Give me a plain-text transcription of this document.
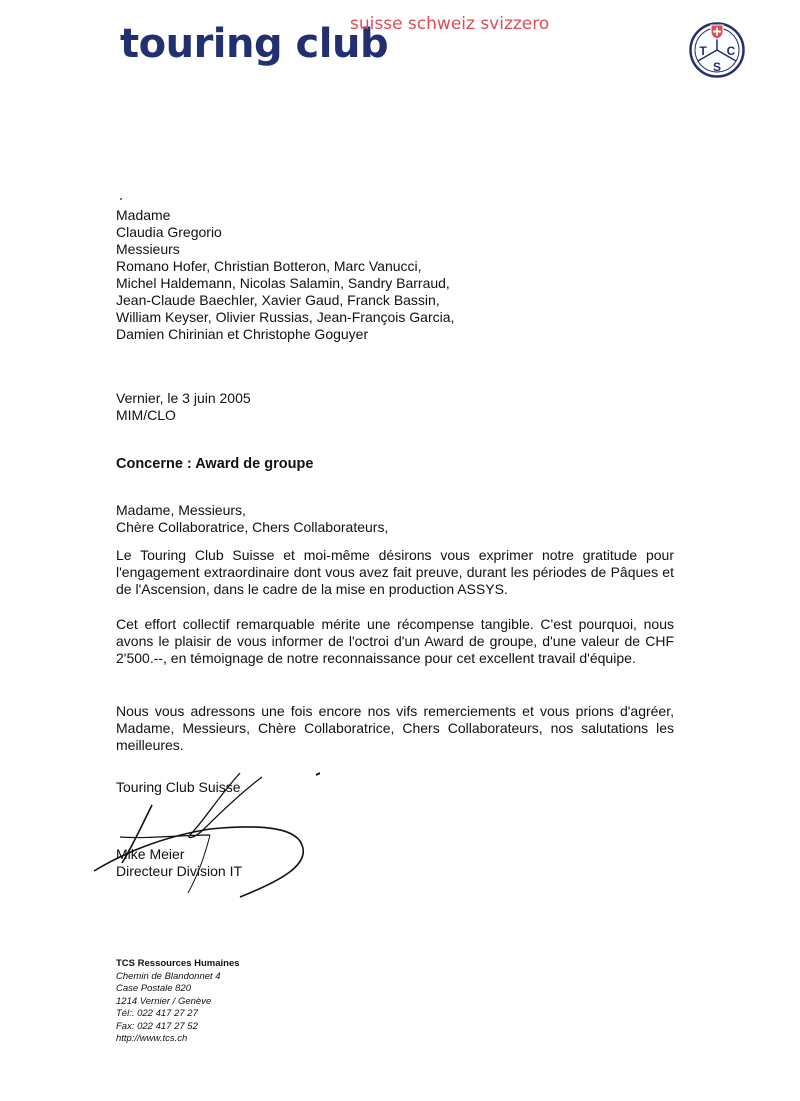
touring club
suisse schweiz svizzero
T C
S
Madame
Claudia Gregorio
Messieurs
Romano Hofer, Christian Botteron, Marc Vanucci,
Michel Haldemann, Nicolas Salamin, Sandry Barraud,
Jean-Claude Baechler, Xavier Gaud, Franck Bassin,
William Keyser, Olivier Russias, Jean-François Garcia,
Damien Chirinian et Christophe Goguyer
Vernier, le 3 juin 2005
MIM/CLO
Concerne : Award de groupe
Madame, Messieurs,
Chère Collaboratrice, Chers Collaborateurs,
Le Touring Club Suisse et moi-même désirons vous exprimer notre gratitude pour l'engagement extraordinaire dont vous avez fait preuve, durant les périodes de Pâques et de l'Ascension, dans le cadre de la mise en production ASSYS.
Cet effort collectif remarquable mérite une récompense tangible. C'est pourquoi, nous avons le plaisir de vous informer de l'octroi d'un Award de groupe, d'une valeur de CHF 2'500.--, en témoignage de notre reconnaissance pour cet excellent travail d'équipe.
Nous vous adressons une fois encore nos vifs remerciements et vous prions d'agréer, Madame, Messieurs, Chère Collaboratrice, Chers Collaborateurs, nos salutations les meilleures.
Touring Club Suisse
Mike Meier
Directeur Division IT
TCS Ressources Humaines
Chemin de Blandonnet 4
Case Postale 820
1214 Vernier / Genève
Tél:. 022 417 27 27
Fax: 022 417 27 52
http://www.tcs.ch
